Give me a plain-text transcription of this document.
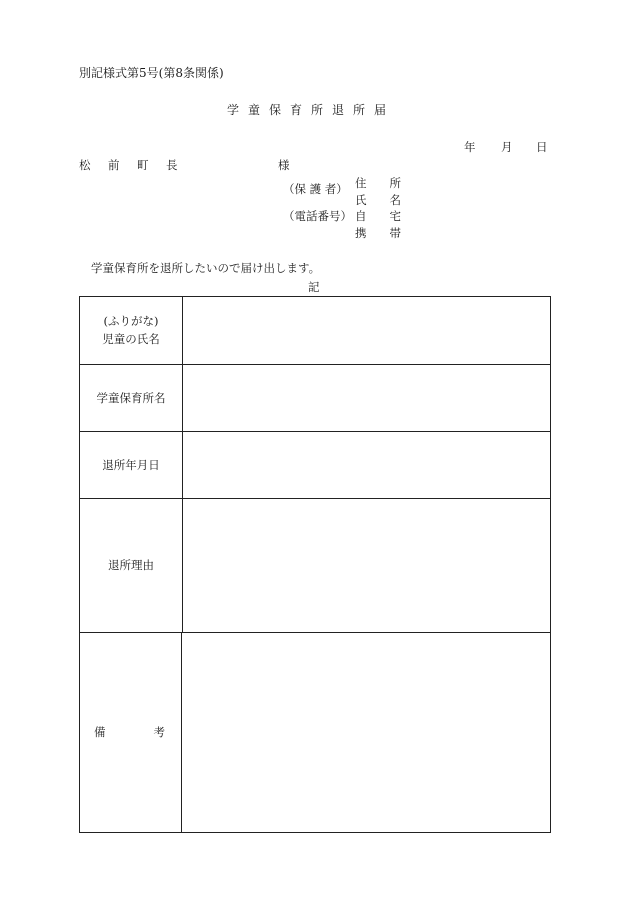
別記様式第5号(第8条関係)
学童保育所退所届
年 月 日
松　前　町　長	様
（保 護 者）
（電話番号）
住　　所
氏　　名
自　　宅
携　　帯
学童保育所を退所したいので届け出します。
記
(ふりがな)
児童の氏名
学童保育所名
退所年月日
退所理由
備	考
